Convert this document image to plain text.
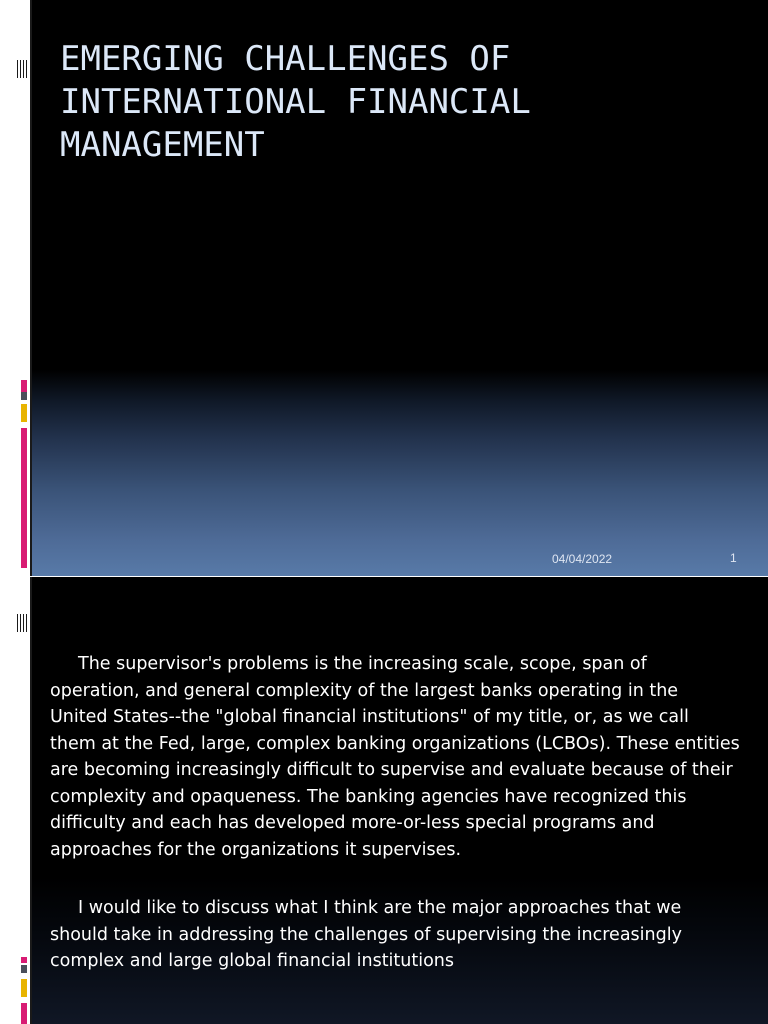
EMERGING CHALLENGES OF INTERNATIONAL FINANCIAL MANAGEMENT
04/04/2022	1

The supervisor's problems is the increasing scale, scope, span of operation, and general complexity of the largest banks operating in the United States--the "global financial institutions" of my title, or, as we call them at the Fed, large, complex banking organizations (LCBOs). These entities are becoming increasingly difficult to supervise and evaluate because of their complexity and opaqueness. The banking agencies have recognized this difficulty and each has developed more-or-less special programs and approaches for the organizations it supervises.

I would like to discuss what I think are the major approaches that we should take in addressing the challenges of supervising the increasingly complex and large global financial institutions
